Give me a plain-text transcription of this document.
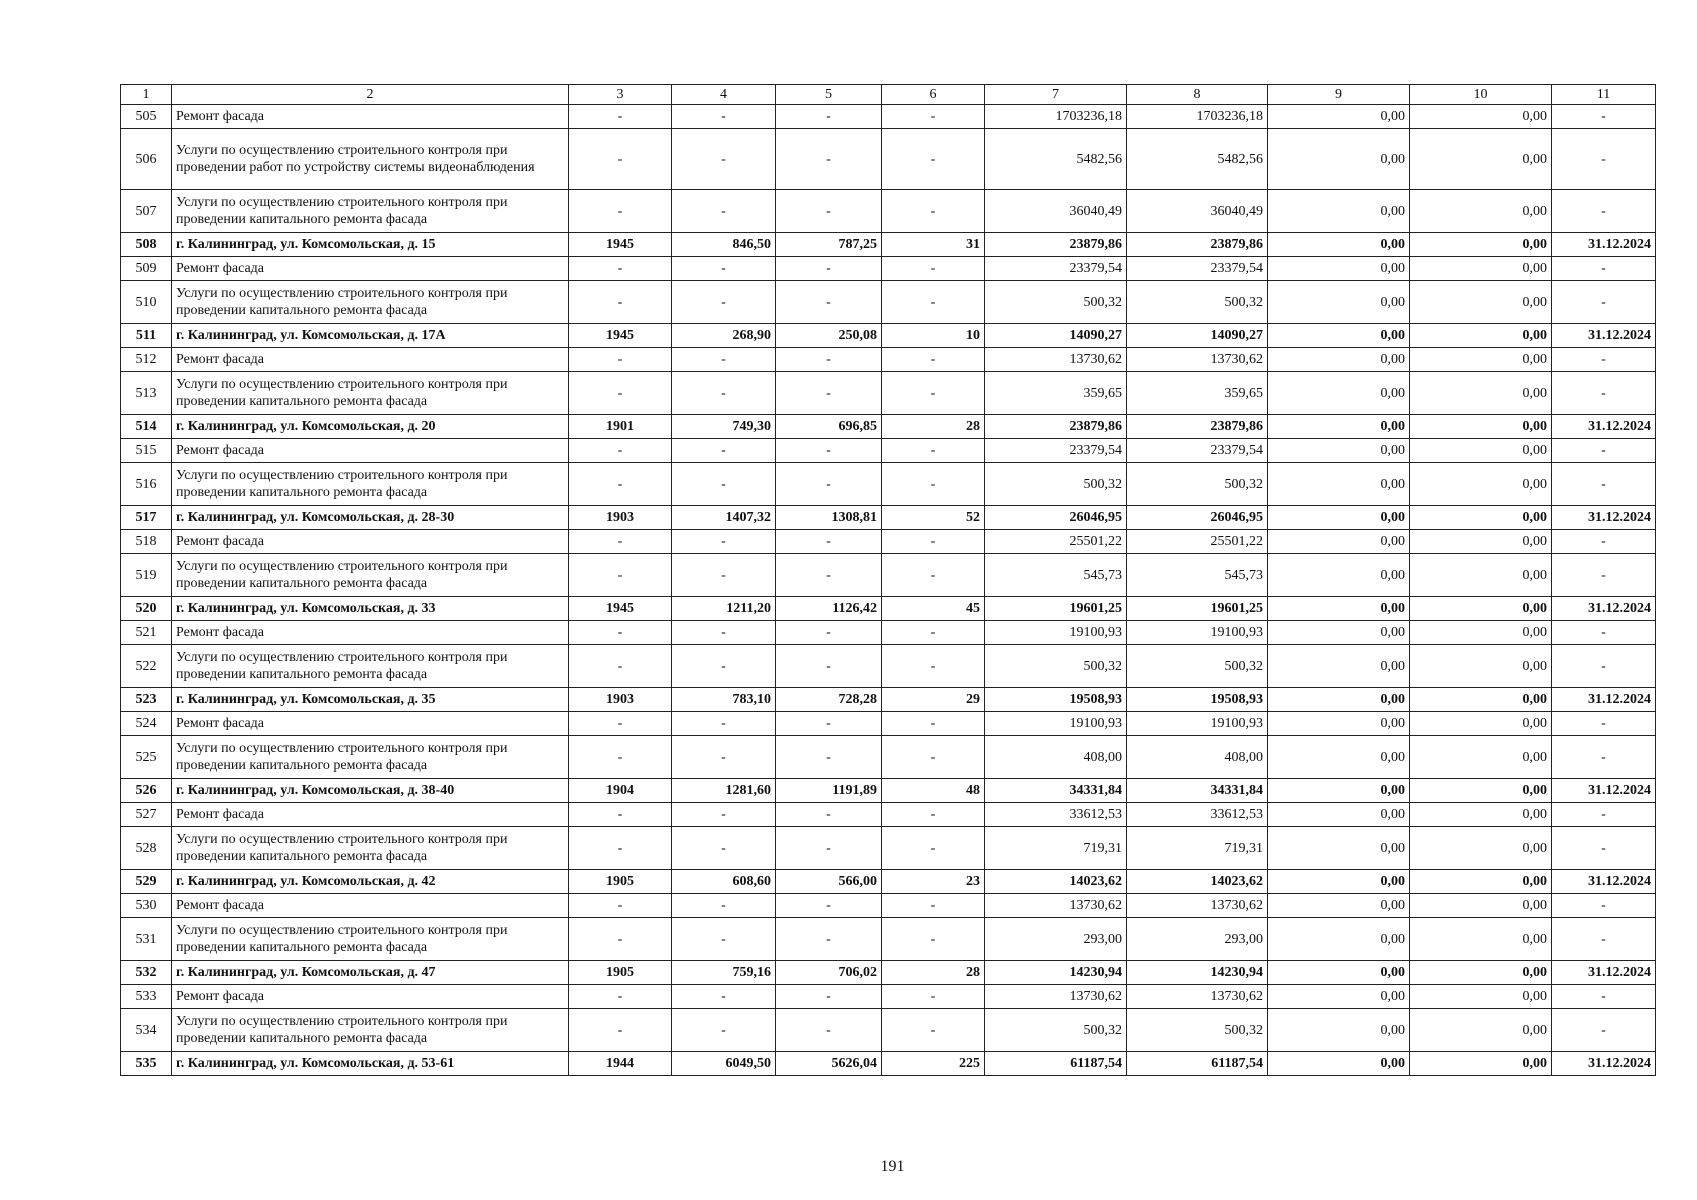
1	2	3	4	5	6	7	8	9	10	11
505	Ремонт фасада	-	-	-	-	1703236,18	1703236,18	0,00	0,00	-
506	Услуги по осуществлению строительного контроля при проведении работ по устройству системы видеонаблюдения	-	-	-	-	5482,56	5482,56	0,00	0,00	-
507	Услуги по осуществлению строительного контроля при проведении капитального ремонта фасада	-	-	-	-	36040,49	36040,49	0,00	0,00	-
508	г. Калининград, ул. Комсомольская, д. 15	1945	846,50	787,25	31	23879,86	23879,86	0,00	0,00	31.12.2024
509	Ремонт фасада	-	-	-	-	23379,54	23379,54	0,00	0,00	-
510	Услуги по осуществлению строительного контроля при проведении капитального ремонта фасада	-	-	-	-	500,32	500,32	0,00	0,00	-
511	г. Калининград, ул. Комсомольская, д. 17А	1945	268,90	250,08	10	14090,27	14090,27	0,00	0,00	31.12.2024
512	Ремонт фасада	-	-	-	-	13730,62	13730,62	0,00	0,00	-
513	Услуги по осуществлению строительного контроля при проведении капитального ремонта фасада	-	-	-	-	359,65	359,65	0,00	0,00	-
514	г. Калининград, ул. Комсомольская, д. 20	1901	749,30	696,85	28	23879,86	23879,86	0,00	0,00	31.12.2024
515	Ремонт фасада	-	-	-	-	23379,54	23379,54	0,00	0,00	-
516	Услуги по осуществлению строительного контроля при проведении капитального ремонта фасада	-	-	-	-	500,32	500,32	0,00	0,00	-
517	г. Калининград, ул. Комсомольская, д. 28-30	1903	1407,32	1308,81	52	26046,95	26046,95	0,00	0,00	31.12.2024
518	Ремонт фасада	-	-	-	-	25501,22	25501,22	0,00	0,00	-
519	Услуги по осуществлению строительного контроля при проведении капитального ремонта фасада	-	-	-	-	545,73	545,73	0,00	0,00	-
520	г. Калининград, ул. Комсомольская, д. 33	1945	1211,20	1126,42	45	19601,25	19601,25	0,00	0,00	31.12.2024
521	Ремонт фасада	-	-	-	-	19100,93	19100,93	0,00	0,00	-
522	Услуги по осуществлению строительного контроля при проведении капитального ремонта фасада	-	-	-	-	500,32	500,32	0,00	0,00	-
523	г. Калининград, ул. Комсомольская, д. 35	1903	783,10	728,28	29	19508,93	19508,93	0,00	0,00	31.12.2024
524	Ремонт фасада	-	-	-	-	19100,93	19100,93	0,00	0,00	-
525	Услуги по осуществлению строительного контроля при проведении капитального ремонта фасада	-	-	-	-	408,00	408,00	0,00	0,00	-
526	г. Калининград, ул. Комсомольская, д. 38-40	1904	1281,60	1191,89	48	34331,84	34331,84	0,00	0,00	31.12.2024
527	Ремонт фасада	-	-	-	-	33612,53	33612,53	0,00	0,00	-
528	Услуги по осуществлению строительного контроля при проведении капитального ремонта фасада	-	-	-	-	719,31	719,31	0,00	0,00	-
529	г. Калининград, ул. Комсомольская, д. 42	1905	608,60	566,00	23	14023,62	14023,62	0,00	0,00	31.12.2024
530	Ремонт фасада	-	-	-	-	13730,62	13730,62	0,00	0,00	-
531	Услуги по осуществлению строительного контроля при проведении капитального ремонта фасада	-	-	-	-	293,00	293,00	0,00	0,00	-
532	г. Калининград, ул. Комсомольская, д. 47	1905	759,16	706,02	28	14230,94	14230,94	0,00	0,00	31.12.2024
533	Ремонт фасада	-	-	-	-	13730,62	13730,62	0,00	0,00	-
534	Услуги по осуществлению строительного контроля при проведении капитального ремонта фасада	-	-	-	-	500,32	500,32	0,00	0,00	-
535	г. Калининград, ул. Комсомольская, д. 53-61	1944	6049,50	5626,04	225	61187,54	61187,54	0,00	0,00	31.12.2024
191
